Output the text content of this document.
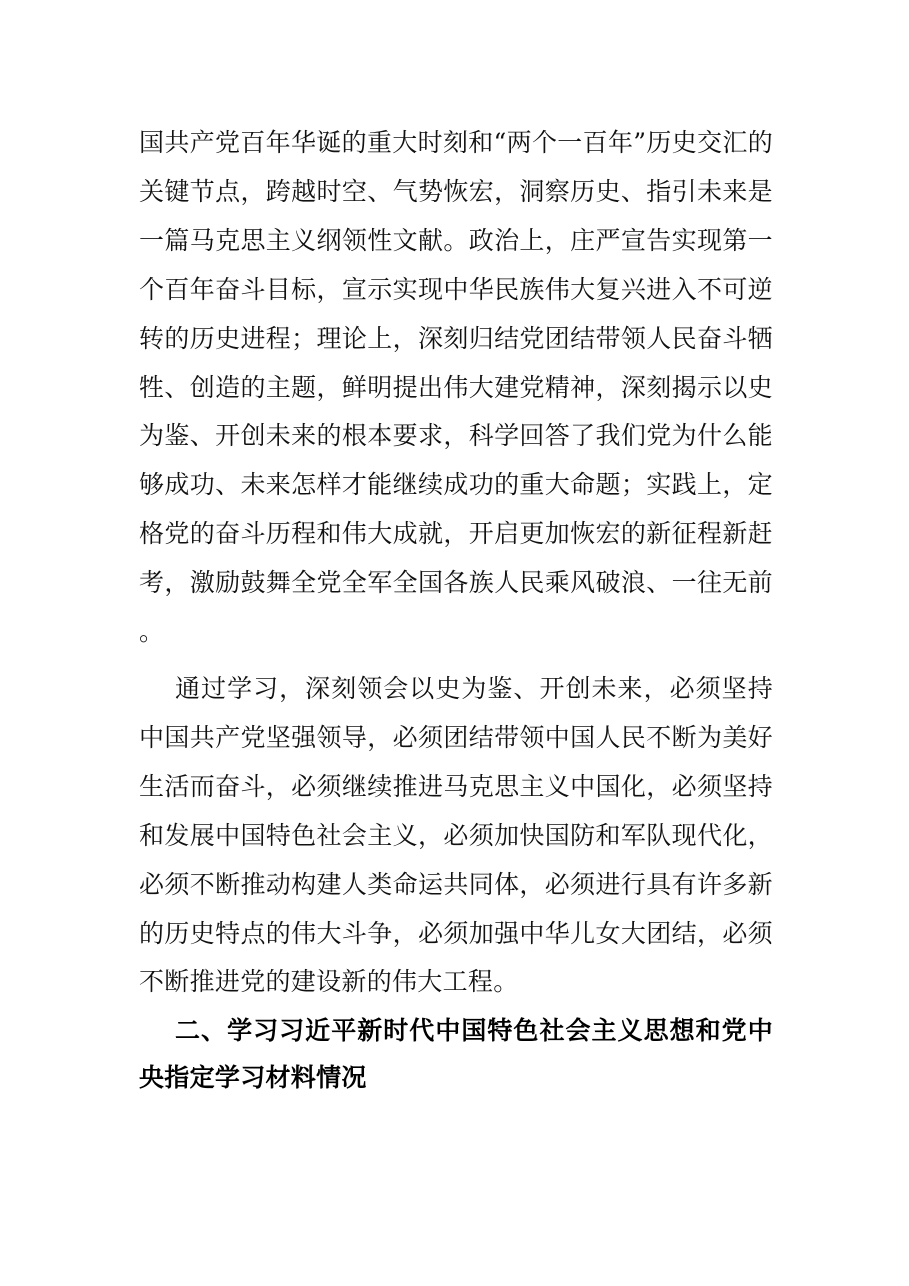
国共产党百年华诞的重大时刻和“两个一百年”历史交汇的关键节点，跨越时空、气势恢宏，洞察历史、指引未来是一篇马克思主义纲领性文献。政治上，庄严宣告实现第一个百年奋斗目标，宣示实现中华民族伟大复兴进入不可逆转的历史进程；理论上，深刻归结党团结带领人民奋斗牺牲、创造的主题，鲜明提出伟大建党精神，深刻揭示以史为鉴、开创未来的根本要求，科学回答了我们党为什么能够成功、未来怎样才能继续成功的重大命题；实践上，定格党的奋斗历程和伟大成就，开启更加恢宏的新征程新赶考，激励鼓舞全党全军全国各族人民乘风破浪、一往无前。

通过学习，深刻领会以史为鉴、开创未来，必须坚持中国共产党坚强领导，必须团结带领中国人民不断为美好生活而奋斗，必须继续推进马克思主义中国化，必须坚持和发展中国特色社会主义，必须加快国防和军队现代化，必须不断推动构建人类命运共同体，必须进行具有许多新的历史特点的伟大斗争，必须加强中华儿女大团结，必须不断推进党的建设新的伟大工程。

二、学习习近平新时代中国特色社会主义思想和党中央指定学习材料情况
